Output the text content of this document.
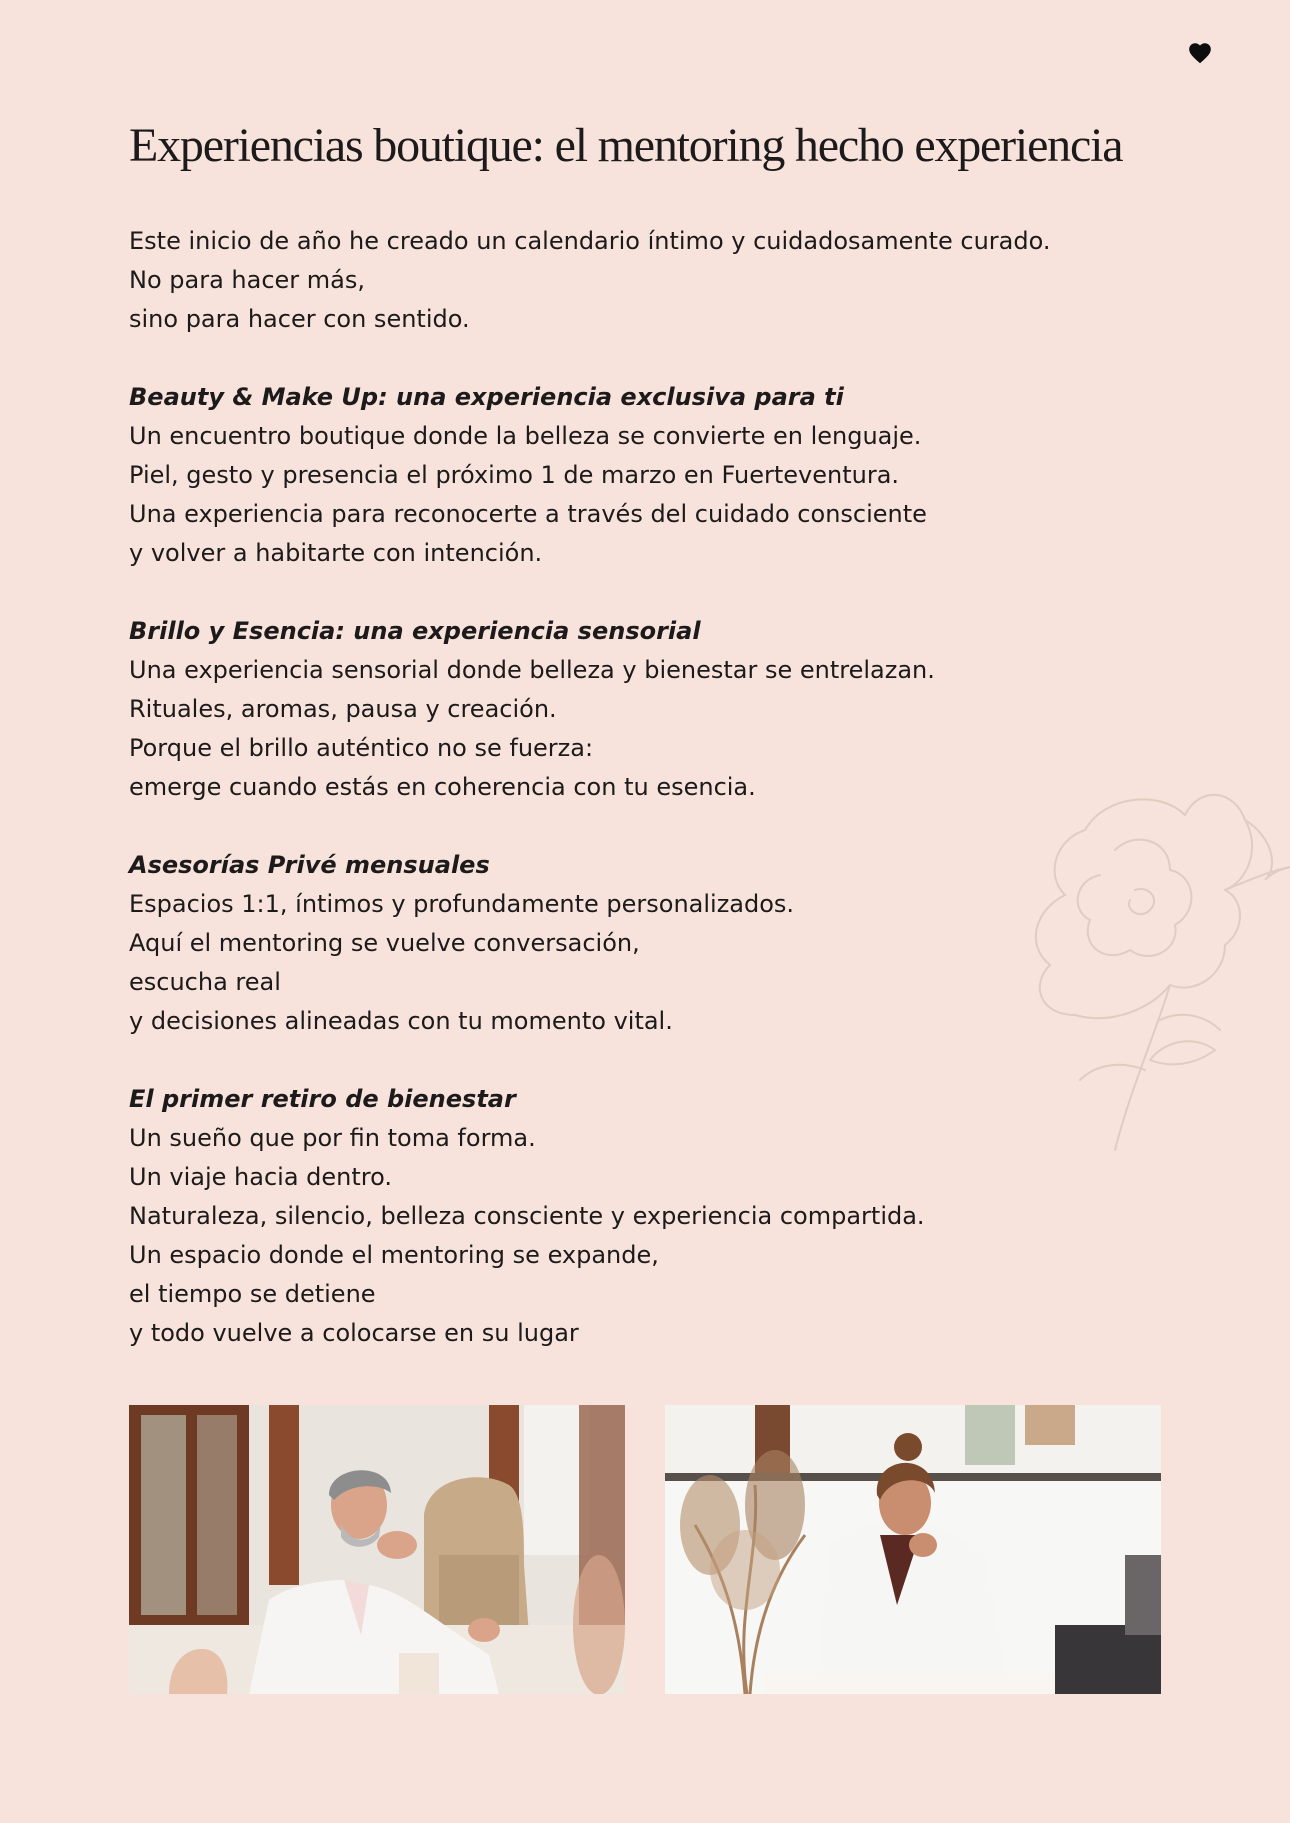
Experiencias boutique: el mentoring hecho experiencia
Este inicio de año he creado un calendario íntimo y cuidadosamente curado.
No para hacer más,
sino para hacer con sentido.
Beauty & Make Up: una experiencia exclusiva para ti
Un encuentro boutique donde la belleza se convierte en lenguaje.
Piel, gesto y presencia el próximo 1 de marzo en Fuerteventura.
Una experiencia para reconocerte a través del cuidado consciente
y volver a habitarte con intención.
Brillo y Esencia: una experiencia sensorial
Una experiencia sensorial donde belleza y bienestar se entrelazan.
Rituales, aromas, pausa y creación.
Porque el brillo auténtico no se fuerza:
emerge cuando estás en coherencia con tu esencia.
Asesorías Privé mensuales
Espacios 1:1, íntimos y profundamente personalizados.
Aquí el mentoring se vuelve conversación,
escucha real
y decisiones alineadas con tu momento vital.
El primer retiro de bienestar
Un sueño que por fin toma forma.
Un viaje hacia dentro.
Naturaleza, silencio, belleza consciente y experiencia compartida.
Un espacio donde el mentoring se expande,
el tiempo se detiene
y todo vuelve a colocarse en su lugar
